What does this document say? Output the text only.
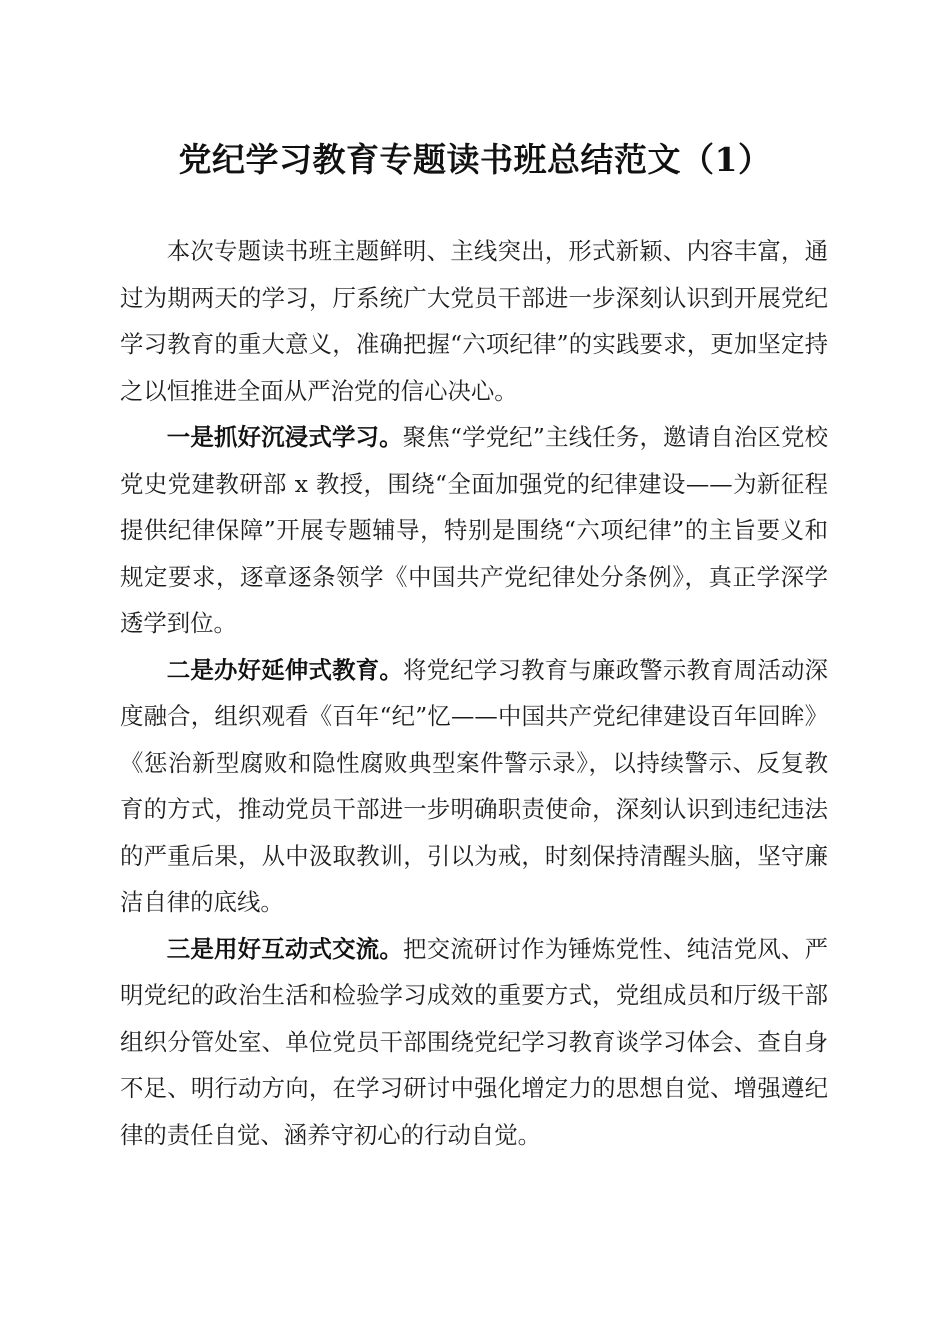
党纪学习教育专题读书班总结范文（1）

本次专题读书班主题鲜明、主线突出，形式新颖、内容丰富，通过为期两天的学习，厅系统广大党员干部进一步深刻认识到开展党纪学习教育的重大意义，准确把握“六项纪律”的实践要求，更加坚定持之以恒推进全面从严治党的信心决心。

一是抓好沉浸式学习。聚焦“学党纪”主线任务，邀请自治区党校党史党建教研部 x 教授，围绕“全面加强党的纪律建设——为新征程提供纪律保障”开展专题辅导，特别是围绕“六项纪律”的主旨要义和规定要求，逐章逐条领学《中国共产党纪律处分条例》，真正学深学透学到位。

二是办好延伸式教育。将党纪学习教育与廉政警示教育周活动深度融合，组织观看《百年“纪”忆——中国共产党纪律建设百年回眸》《惩治新型腐败和隐性腐败典型案件警示录》，以持续警示、反复教育的方式，推动党员干部进一步明确职责使命，深刻认识到违纪违法的严重后果，从中汲取教训，引以为戒，时刻保持清醒头脑，坚守廉洁自律的底线。

三是用好互动式交流。把交流研讨作为锤炼党性、纯洁党风、严明党纪的政治生活和检验学习成效的重要方式，党组成员和厅级干部组织分管处室、单位党员干部围绕党纪学习教育谈学习体会、查自身不足、明行动方向，在学习研讨中强化增定力的思想自觉、增强遵纪律的责任自觉、涵养守初心的行动自觉。
